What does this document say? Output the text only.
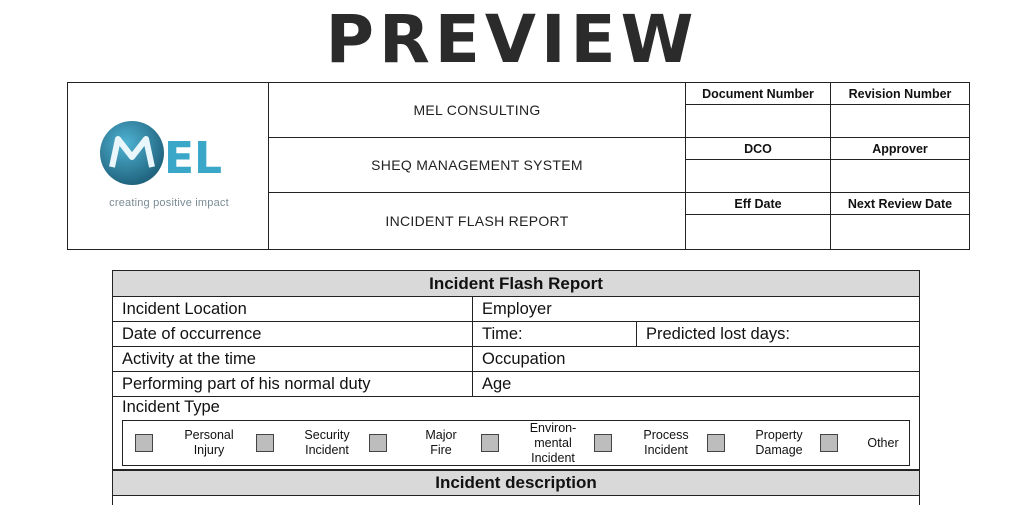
PREVIEW
EL
creating positive impact
MEL CONSULTING
SHEQ MANAGEMENT SYSTEM
INCIDENT FLASH REPORT
Document Number	Revision Number
DCO	Approver
Eff Date	Next Review Date
Incident Flash Report
Incident Location	Employer
Date of occurrence	Time:	Predicted lost days:
Activity at the time	Occupation
Performing part of his normal duty	Age
Incident Type
Personal
Injury
Security
Incident
Major
Fire
Environ-
mental
Incident
Process
Incident
Property
Damage
Other
Incident description
